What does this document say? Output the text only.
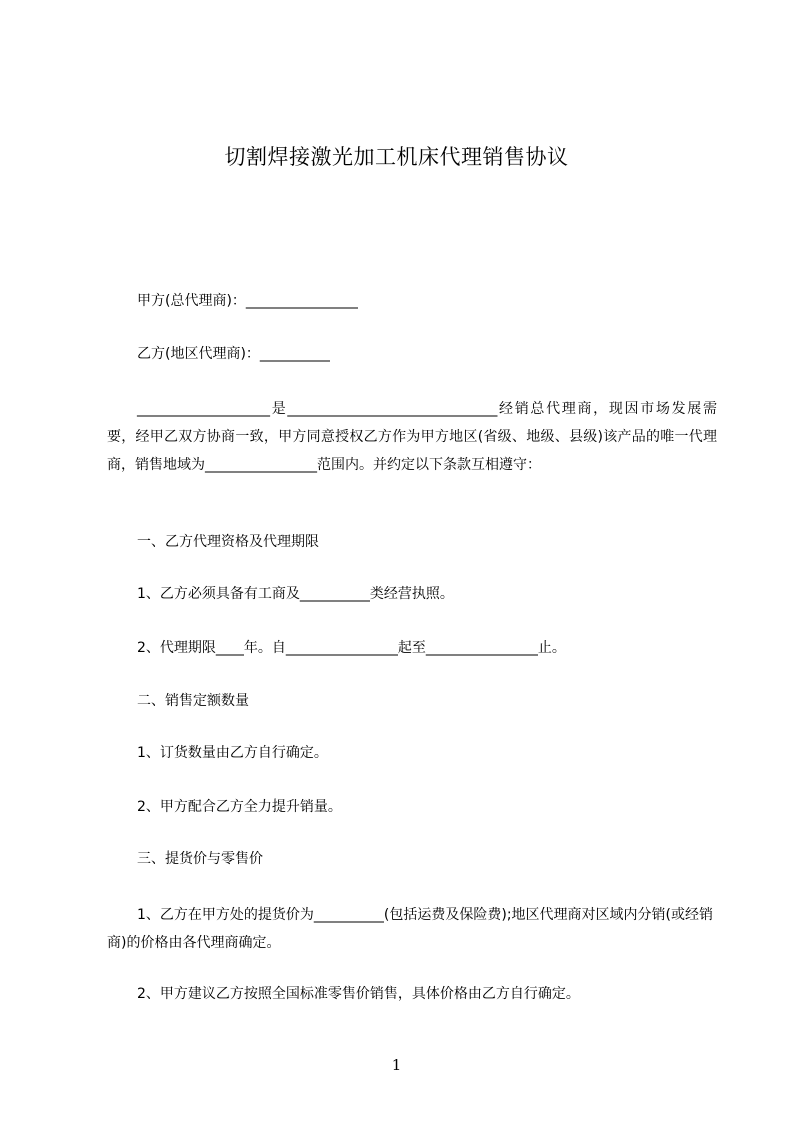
切割焊接激光加工机床代理销售协议
甲方(总代理商)：________________
乙方(地区代理商)：__________
___________________是______________________________经销总代理商，现因市场发展需要，经甲乙双方协商一致，甲方同意授权乙方作为甲方地区(省级、地级、县级)该产品的唯一代理商，销售地域为________________范围内。并约定以下条款互相遵守：
一、乙方代理资格及代理期限
1、乙方必须具备有工商及__________类经营执照。
2、代理期限____年。自________________起至________________止。
二、销售定额数量
1、订货数量由乙方自行确定。
2、甲方配合乙方全力提升销量。
三、提货价与零售价
1、乙方在甲方处的提货价为__________(包括运费及保险费);地区代理商对区域内分销(或经销商)的价格由各代理商确定。
2、甲方建议乙方按照全国标准零售价销售，具体价格由乙方自行确定。
1
